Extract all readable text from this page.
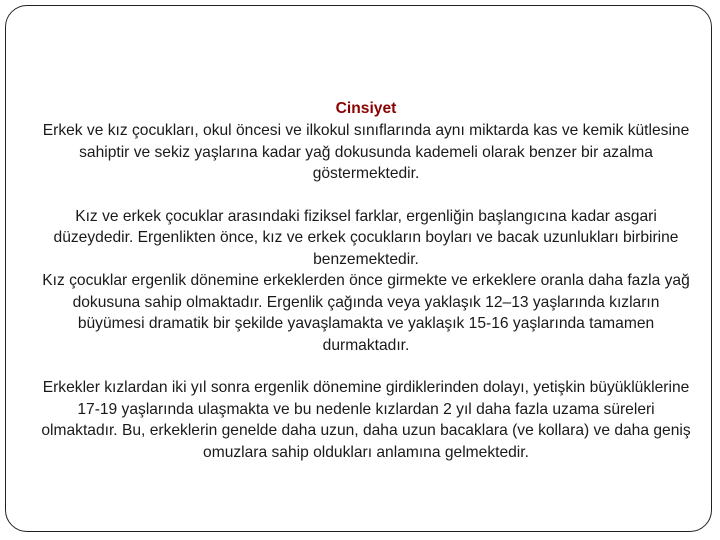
Cinsiyet

Erkek ve kız çocukları, okul öncesi ve ilkokul sınıflarında aynı miktarda kas ve kemik kütlesine sahiptir ve sekiz yaşlarına kadar yağ dokusunda kademeli olarak benzer bir azalma göstermektedir.

Kız ve erkek çocuklar arasındaki fiziksel farklar, ergenliğin başlangıcına kadar asgari düzeydedir. Ergenlikten önce, kız ve erkek çocukların boyları ve bacak uzunlukları birbirine benzemektedir.

Kız çocuklar ergenlik dönemine erkeklerden önce girmekte ve erkeklere oranla daha fazla yağ dokusuna sahip olmaktadır. Ergenlik çağında veya yaklaşık 12–13 yaşlarında kızların büyümesi dramatik bir şekilde yavaşlamakta ve yaklaşık 15-16 yaşlarında tamamen durmaktadır.

Erkekler kızlardan iki yıl sonra ergenlik dönemine girdiklerinden dolayı, yetişkin büyüklüklerine 17-19 yaşlarında ulaşmakta ve bu nedenle kızlardan 2 yıl daha fazla uzama süreleri olmaktadır. Bu, erkeklerin genelde daha uzun, daha uzun bacaklara (ve kollara) ve daha geniş omuzlara sahip oldukları anlamına gelmektedir.
